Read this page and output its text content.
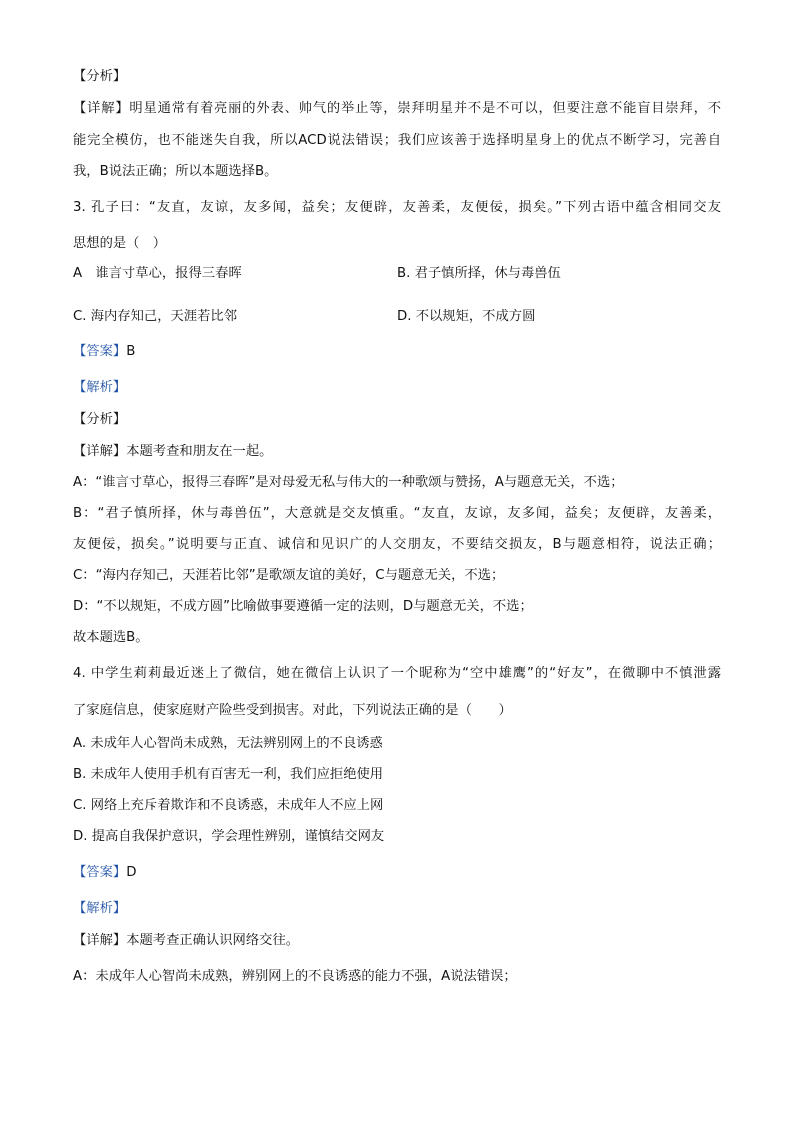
【分析】
【详解】明星通常有着亮丽的外表、帅气的举止等，崇拜明星并不是不可以，但要注意不能盲目崇拜，不
能完全模仿，也不能迷失自我，所以ACD说法错误；我们应该善于选择明星身上的优点不断学习，完善自
我，B说法正确；所以本题选择B。
3. 孔子曰：“友直，友谅，友多闻，益矣；友便辟，友善柔，友便佞，损矣。”下列古语中蕴含相同交友
思想的是（　）
A　谁言寸草心，报得三春晖	B. 君子慎所择，休与毒兽伍
C. 海内存知己，天涯若比邻	D. 不以规矩，不成方圆
【答案】B
【解析】
【分析】
【详解】本题考查和朋友在一起。
A：“谁言寸草心，报得三春晖”是对母爱无私与伟大的一种歌颂与赞扬，A与题意无关，不选；
B：“君子慎所择，休与毒兽伍”，大意就是交友慎重。“友直，友谅，友多闻，益矣；友便辟，友善柔，
友便佞，损矣。”说明要与正直、诚信和见识广的人交朋友，不要结交损友，B与题意相符，说法正确；
C：“海内存知己，天涯若比邻”是歌颂友谊的美好，C与题意无关，不选；
D：“不以规矩，不成方圆”比喻做事要遵循一定的法则，D与题意无关，不选；
故本题选B。
4. 中学生莉莉最近迷上了微信，她在微信上认识了一个昵称为“空中雄鹰”的“好友”，在微聊中不慎泄露
了家庭信息，使家庭财产险些受到损害。对此，下列说法正确的是（　　）
A. 未成年人心智尚未成熟，无法辨别网上的不良诱惑
B. 未成年人使用手机有百害无一利，我们应拒绝使用
C. 网络上充斥着欺诈和不良诱惑，未成年人不应上网
D. 提高自我保护意识，学会理性辨别，谨慎结交网友
【答案】D
【解析】
【详解】本题考查正确认识网络交往。
A：未成年人心智尚未成熟，辨别网上的不良诱惑的能力不强，A说法错误；
